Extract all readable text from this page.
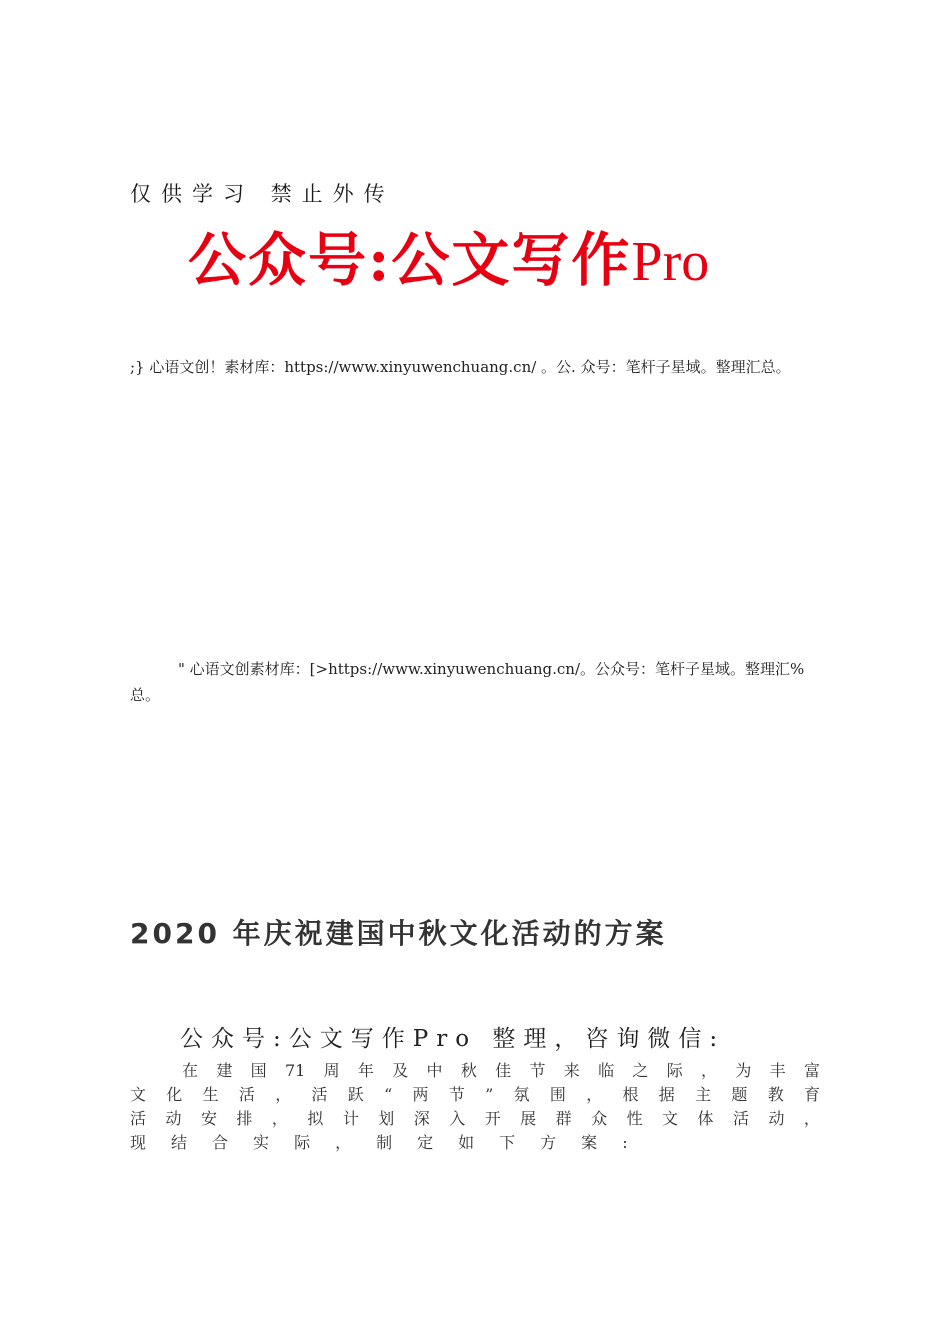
仅供学习 禁止外传
公众号:公文写作Pro
;} 心语文创！素材库：https://www.xinyuwenchuang.cn/ 。公. 众号：笔杆子星域。整理汇总。
" 心语文创素材库：[>https://www.xinyuwenchuang.cn/。公众号：笔杆子星域。整理汇% 总。
2020 年庆祝建国中秋文化活动的方案
公众号:公文写作Pro 整理，咨询微信:
在 建 国 71 周 年 及 中 秋 佳 节 来 临 之 际 ， 为 丰 富
文 化 生 活 ， 活 跃 “ 两 节 ” 氛 围 ， 根 据 主 题 教 育
活 动 安 排 ， 拟 计 划 深 入 开 展 群 众 性 文 体 活 动 ，
现 结 合 实 际 ， 制 定 如 下 方 案 :
